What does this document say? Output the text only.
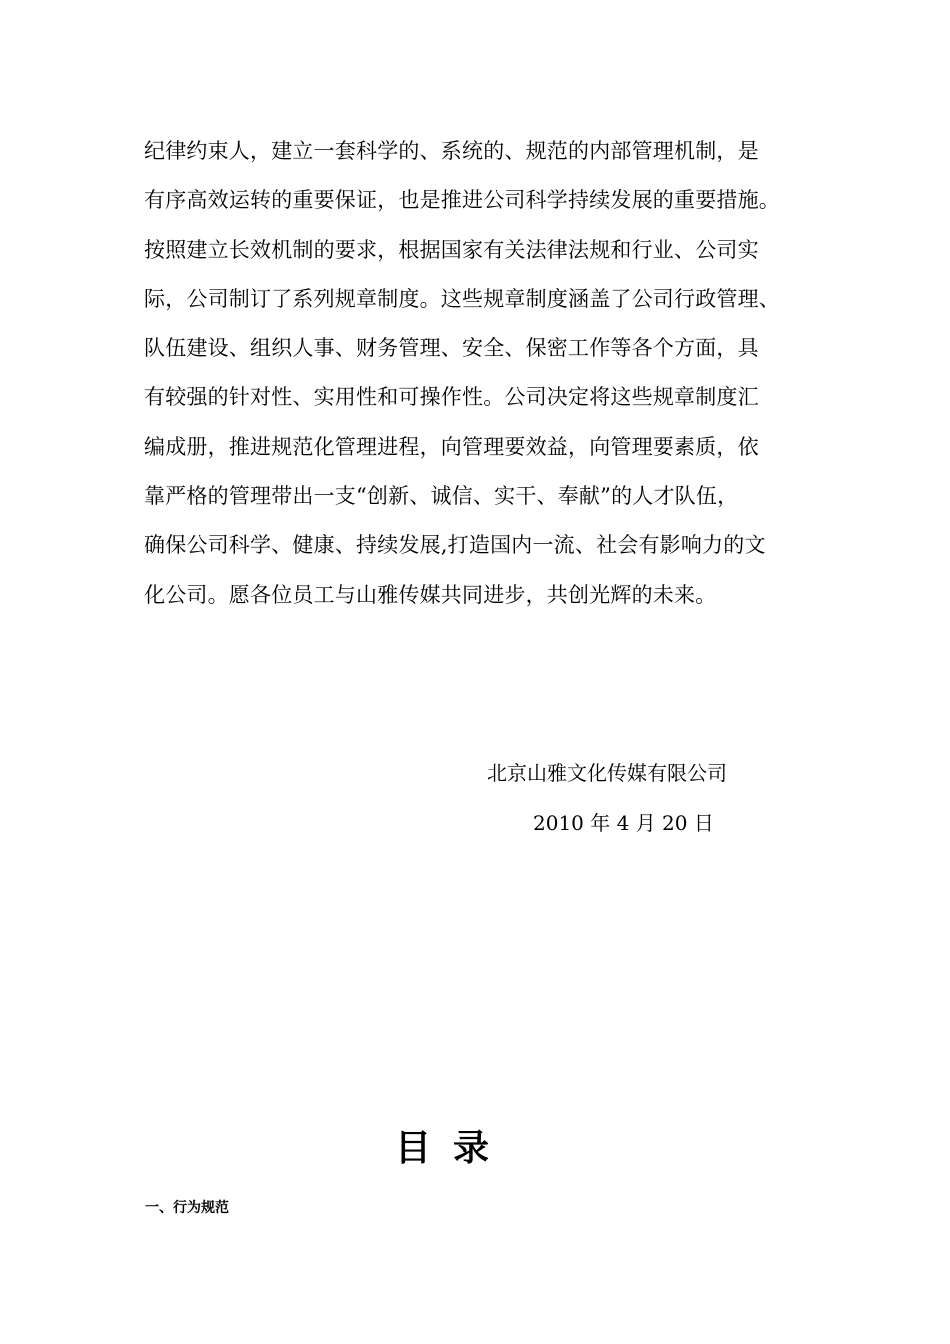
纪律约束人，建立一套科学的、系统的、规范的内部管理机制，是
有序高效运转的重要保证，也是推进公司科学持续发展的重要措施。
按照建立长效机制的要求，根据国家有关法律法规和行业、公司实
际，公司制订了系列规章制度。这些规章制度涵盖了公司行政管理、
队伍建设、组织人事、财务管理、安全、保密工作等各个方面，具
有较强的针对性、实用性和可操作性。公司决定将这些规章制度汇
编成册，推进规范化管理进程，向管理要效益，向管理要素质，依
靠严格的管理带出一支“创新、诚信、实干、奉献”的人才队伍，
确保公司科学、健康、持续发展,打造国内一流、社会有影响力的文
化公司。愿各位员工与山雅传媒共同进步，共创光辉的未来。
北京山雅文化传媒有限公司
2010 年 4 月 20 日
目录
一、行为规范
